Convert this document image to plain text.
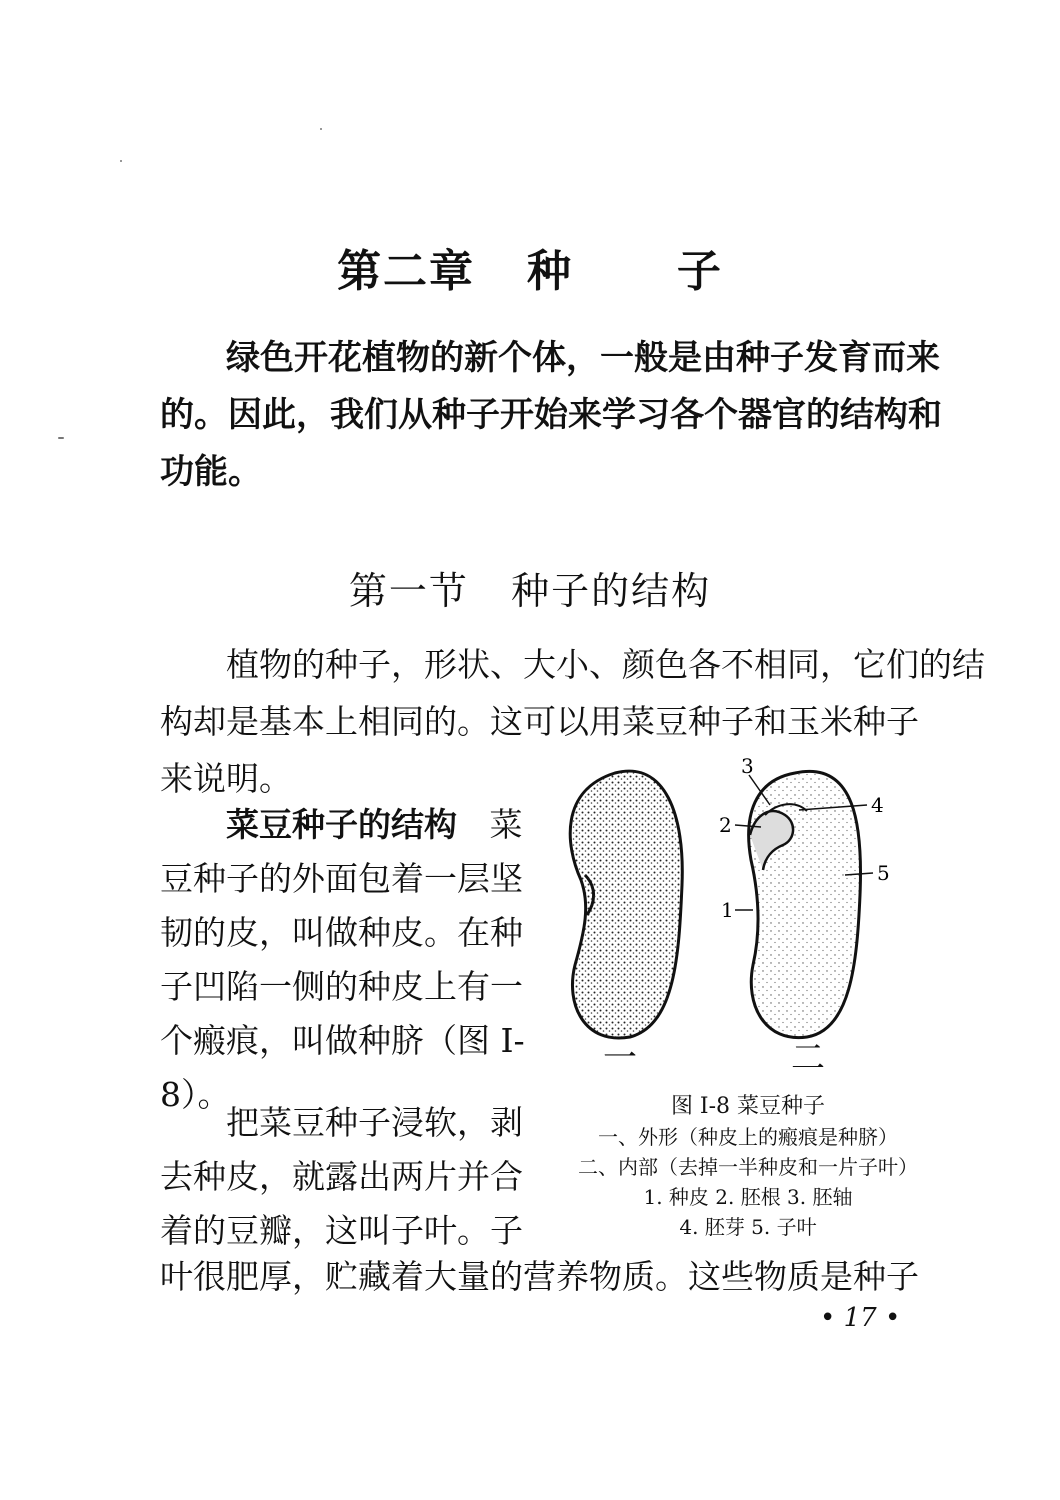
第二章   种      子
绿色开花植物的新个体，一般是由种子发育而来
的。因此，我们从种子开始来学习各个器官的结构和
功能。
第一节   种子的结构
植物的种子，形状、大小、颜色各不相同，它们的结
构却是基本上相同的。这可以用菜豆种子和玉米种子
来说明。
菜豆种子的结构 菜
豆种子的外面包着一层坚
韧的皮，叫做种皮。在种
子凹陷一侧的种皮上有一
个瘢痕，叫做种脐（图 I-
8）。
把菜豆种子浸软，剥
去种皮，就露出两片并合
着的豆瓣，这叫子叶。子
叶很肥厚，贮藏着大量的营养物质。这些物质是种子
3
4
2
5
1
一	二
图 I-8 菜豆种子
一、外形（种皮上的瘢痕是种脐）
二、内部（去掉一半种皮和一片子叶）
1. 种皮 2. 胚根 3. 胚轴
4. 胚芽 5. 子叶
• 17 •
